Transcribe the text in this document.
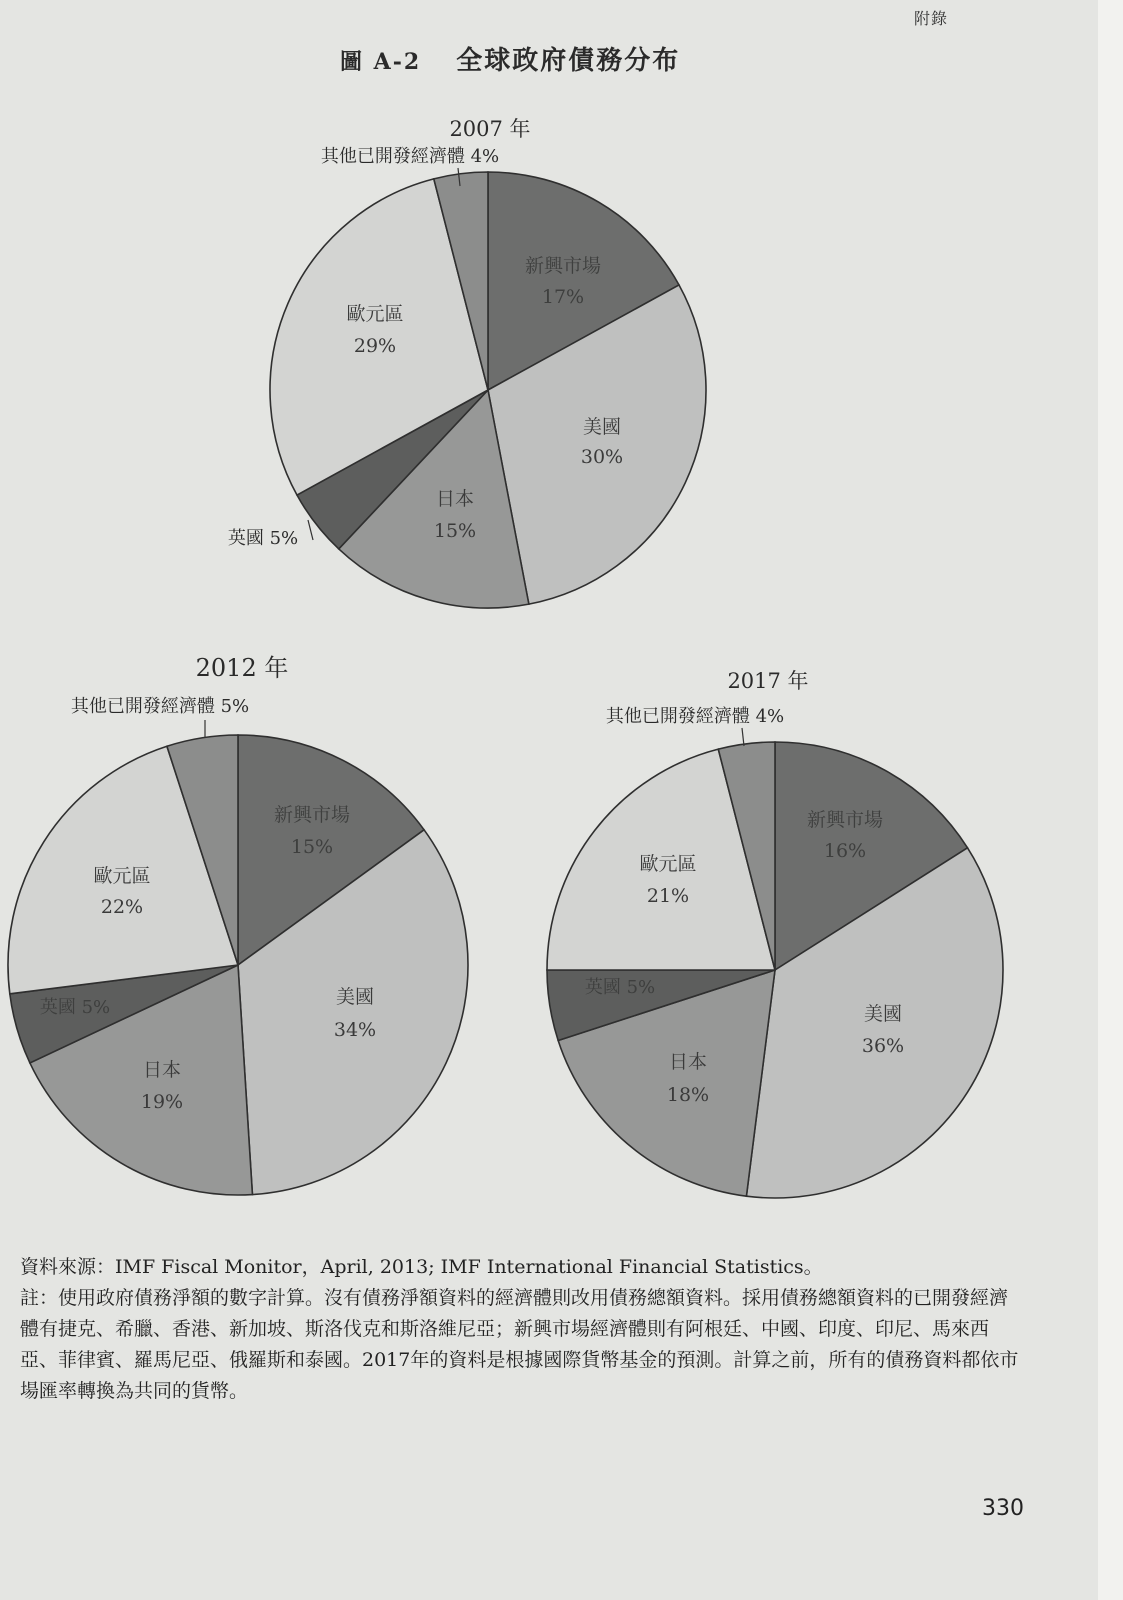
附錄
圖 A-2 全球政府債務分布
2007 年
新興市場
17%
美國
30%
日本
15%
英國 5%
歐元區
29%
其他已開發經濟體 4%
2012 年
新興市場
15%
美國
34%
日本
19%
英國 5%
歐元區
22%
其他已開發經濟體 5%
2017 年
新興市場
16%
美國
36%
日本
18%
英國 5%
歐元區
21%
其他已開發經濟體 4%

資料來源：IMF Fiscal Monitor，April, 2013; IMF International Financial Statistics。

註：使用政府債務淨額的數字計算。沒有債務淨額資料的經濟體則改用債務總額資料。採用債務總額資料的已開發經濟體有捷克、希臘、香港、新加坡、斯洛伐克和斯洛維尼亞；新興市場經濟體則有阿根廷、中國、印度、印尼、馬來西亞、菲律賓、羅馬尼亞、俄羅斯和泰國。2017年的資料是根據國際貨幣基金的預測。計算之前，所有的債務資料都依市場匯率轉換為共同的貨幣。

330
